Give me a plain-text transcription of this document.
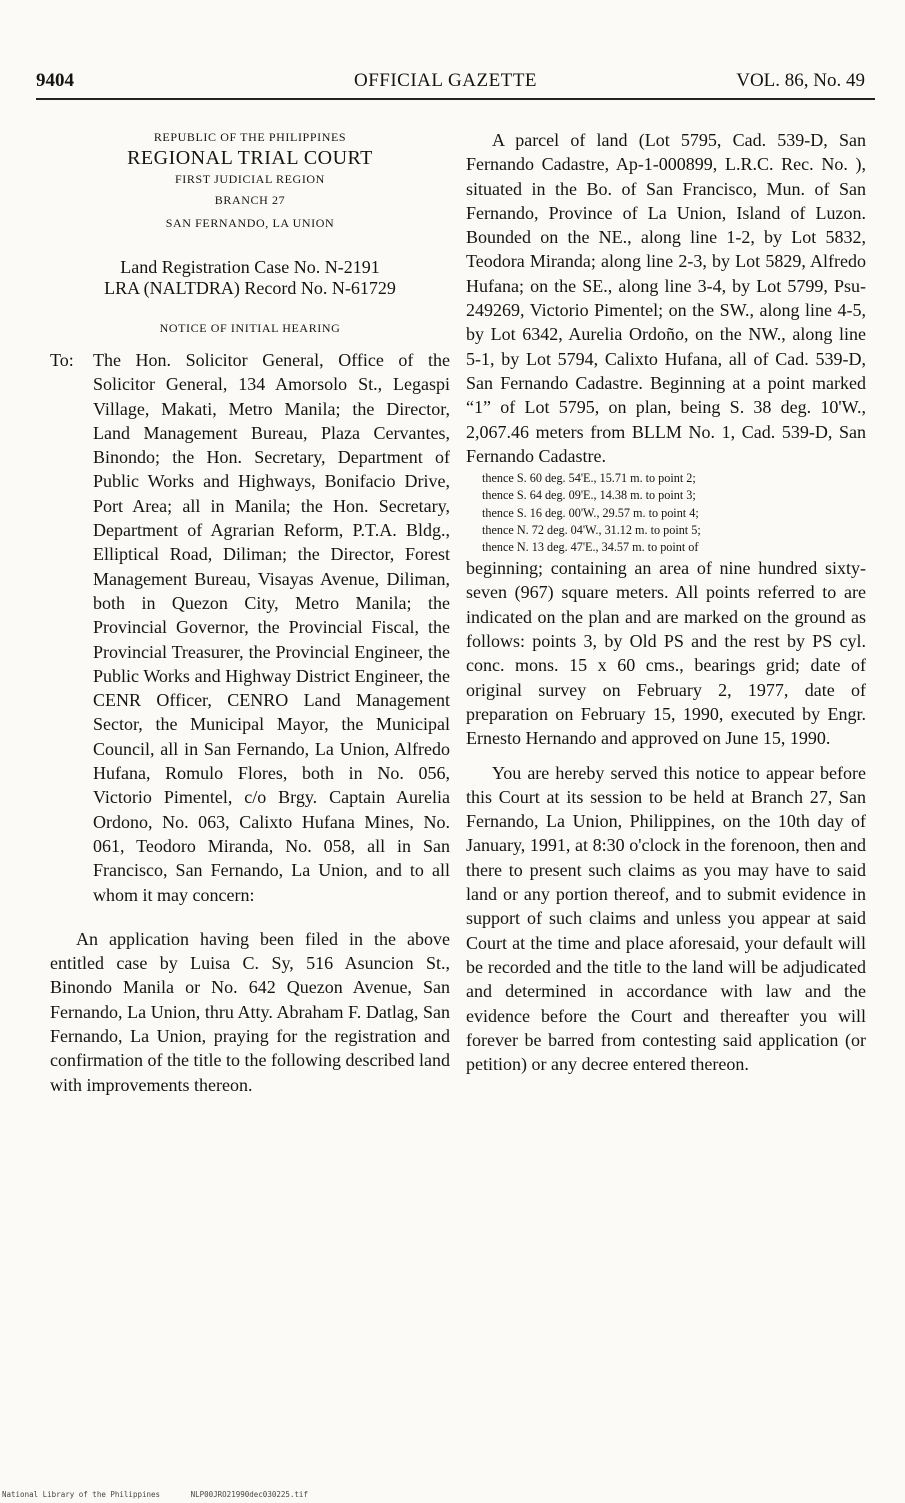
9404	OFFICIAL GAZETTE	VOL. 86, No. 49
REPUBLIC OF THE PHILIPPINES
REGIONAL TRIAL COURT
FIRST JUDICIAL REGION
BRANCH 27
SAN FERNANDO, LA UNION
Land Registration Case No. N-2191
LRA (NALTDRA) Record No. N-61729
NOTICE OF INITIAL HEARING
To:	The Hon. Solicitor General, Office of the Solicitor General, 134 Amorsolo St., Legaspi Village, Makati, Metro Manila; the Director, Land Management Bureau, Plaza Cervantes, Binondo; the Hon. Secretary, Department of Public Works and Highways, Bonifacio Drive, Port Area; all in Manila; the Hon. Secretary, Department of Agrarian Reform, P.T.A. Bldg., Elliptical Road, Diliman; the Director, Forest Management Bureau, Visayas Avenue, Diliman, both in Quezon City, Metro Manila; the Provincial Governor, the Provincial Fiscal, the Provincial Treasurer, the Provincial Engineer, the Public Works and Highway District Engineer, the CENR Officer, CENRO Land Management Sector, the Municipal Mayor, the Municipal Council, all in San Fernando, La Union, Alfredo Hufana, Romulo Flores, both in No. 056, Victorio Pimentel, c/o Brgy. Captain Aurelia Ordono, No. 063, Calixto Hufana Mines, No. 061, Teodoro Miranda, No. 058, all in San Francisco, San Fernando, La Union, and to all whom it may concern:

An application having been filed in the above entitled case by Luisa C. Sy, 516 Asuncion St., Binondo Manila or No. 642 Quezon Avenue, San Fernando, La Union, thru Atty. Abraham F. Datlag, San Fernando, La Union, praying for the registration and confirmation of the title to the following described land with improvements thereon.

A parcel of land (Lot 5795, Cad. 539-D, San Fernando Cadastre, Ap-1-000899, L.R.C. Rec. No. ), situated in the Bo. of San Francisco, Mun. of San Fernando, Province of La Union, Island of Luzon. Bounded on the NE., along line 1-2, by Lot 5832, Teodora Miranda; along line 2-3, by Lot 5829, Alfredo Hufana; on the SE., along line 3-4, by Lot 5799, Psu-249269, Victorio Pimentel; on the SW., along line 4-5, by Lot 6342, Aurelia Ordoño, on the NW., along line 5-1, by Lot 5794, Calixto Hufana, all of Cad. 539-D, San Fernando Cadastre. Beginning at a point marked “1” of Lot 5795, on plan, being S. 38 deg. 10'W., 2,067.46 meters from BLLM No. 1, Cad. 539-D, San Fernando Cadastre.

thence S. 60 deg. 54'E., 15.71 m. to point 2;
thence S. 64 deg. 09'E., 14.38 m. to point 3;
thence S. 16 deg. 00'W., 29.57 m. to point 4;
thence N. 72 deg. 04'W., 31.12 m. to point 5;
thence N. 13 deg. 47'E., 34.57 m. to point of

beginning; containing an area of nine hundred sixty-seven (967) square meters. All points referred to are indicated on the plan and are marked on the ground as follows: points 3, by Old PS and the rest by PS cyl. conc. mons. 15 x 60 cms., bearings grid; date of original survey on February 2, 1977, date of preparation on February 15, 1990, executed by Engr. Ernesto Hernando and approved on June 15, 1990.

You are hereby served this notice to appear before this Court at its session to be held at Branch 27, San Fernando, La Union, Philippines, on the 10th day of January, 1991, at 8:30 o'clock in the forenoon, then and there to present such claims as you may have to said land or any portion thereof, and to submit evidence in support of such claims and unless you appear at said Court at the time and place aforesaid, your default will be recorded and the title to the land will be adjudicated and determined in accordance with law and the evidence before the Court and thereafter you will forever be barred from contesting said application (or petition) or any decree entered thereon.

National Library of the Philippines	NLP00JRO21990dec030225.tif
